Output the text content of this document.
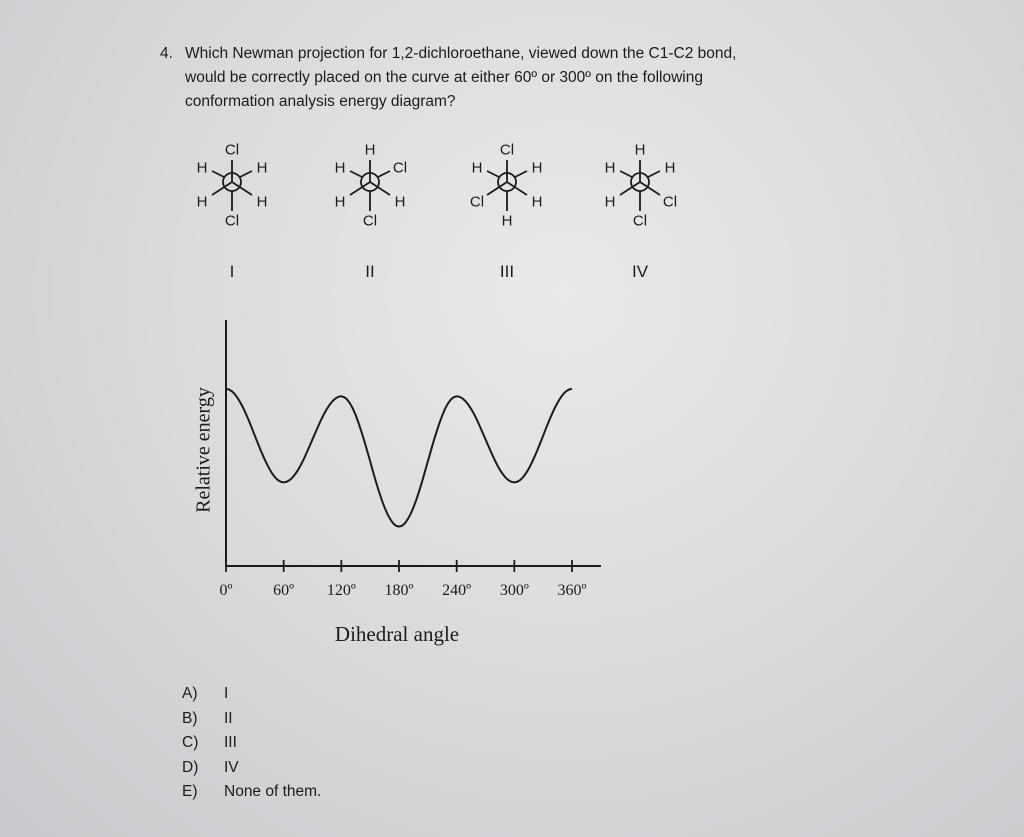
4. Which Newman projection for 1,2-dichloroethane, viewed down the C1-C2 bond,
would be correctly placed on the curve at either 60º or 300º on the following
conformation analysis energy diagram?
Cl
H	H
H	H
Cl
H
H	H
H	Cl
Cl
Cl
Cl	H
H	H
H
H
H	Cl
H	H
Cl
I	II	III	IV
Relative energy
0º	60º 120º 180º 240º 300º 360º
Dihedral angle
A) I
B) II
C) III
D) IV
E) None of them.
